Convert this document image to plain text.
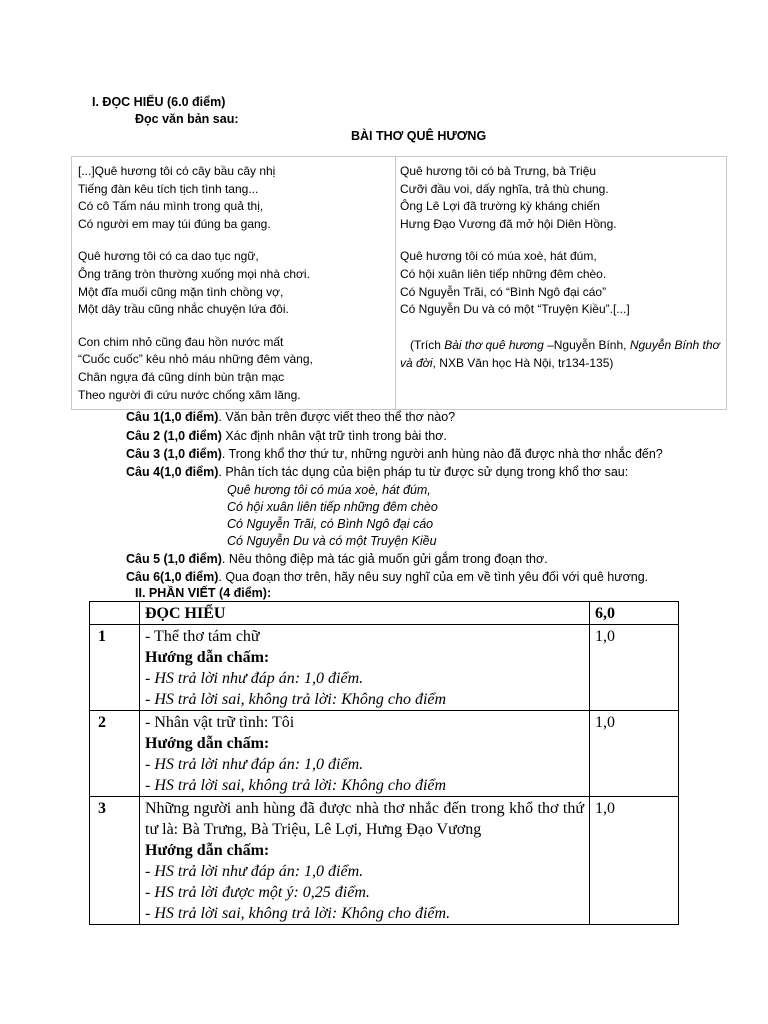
I. ĐỌC HIỂU (6.0 điểm)
Đọc văn bản sau:
BÀI THƠ QUÊ HƯƠNG
[...]Quê hương tôi có cây bầu cây nhị
Tiếng đàn kêu tích tịch tình tang...
Có cô Tấm náu mình trong quả thị,
Có người em may túi đúng ba gang.
Quê hương tôi có ca dao tục ngữ,
Ông trăng tròn thường xuống mọi nhà chơi.
Một đĩa muối cũng mặn tình chồng vợ,
Một dây trầu cũng nhắc chuyện lứa đôi.
Con chim nhỏ cũng đau hồn nước mất
“Cuốc cuốc” kêu nhỏ máu những đêm vàng,
Chân ngựa đá cũng dính bùn trận mạc
Theo người đi cứu nước chống xâm lăng.
Quê hương tôi có bà Trưng, bà Triệu
Cưỡi đầu voi, dấy nghĩa, trả thù chung.
Ông Lê Lợi đã trường kỳ kháng chiến
Hưng Đạo Vương đã mở hội Diên Hồng.
Quê hương tôi có múa xoè, hát đúm,
Có hội xuân liên tiếp những đêm chèo.
Có Nguyễn Trãi, có “Bình Ngô đại cáo”
Có Nguyễn Du và có một “Truyện Kiều”.[...]
(Trích Bài thơ quê hương –Nguyễn Bính, Nguyễn Bính thơ và đời, NXB Văn học Hà Nội, tr134-135)
Câu 1(1,0 điểm). Văn bản trên được viết theo thể thơ nào?
Câu 2 (1,0 điểm) Xác định nhân vật trữ tình trong bài thơ.
Câu 3 (1,0 điểm). Trong khổ thơ thứ tư, những người anh hùng nào đã được nhà thơ nhắc đến?
Câu 4(1,0 điểm). Phân tích tác dụng của biện pháp tu từ được sử dụng trong khổ thơ sau:
Quê hương tôi có múa xoè, hát đúm,
Có hội xuân liên tiếp những đêm chèo
Có Nguyễn Trãi, có Bình Ngô đại cáo
Có Nguyễn Du và có một Truyện Kiều
Câu 5 (1,0 điểm). Nêu thông điệp mà tác giả muốn gửi gắm trong đoạn thơ.
Câu 6(1,0 điểm). Qua đoạn thơ trên, hãy nêu suy nghĩ của em về tình yêu đối với quê hương.
II. PHẦN VIẾT (4 điểm):
	ĐỌC HIỂU	6,0
1	- Thể thơ tám chữ
Hướng dẫn chấm:
- HS trả lời như đáp án: 1,0 điểm.
- HS trả lời sai, không trả lời: Không cho điểm	1,0
2	- Nhân vật trữ tình: Tôi
Hướng dẫn chấm:
- HS trả lời như đáp án: 1,0 điểm.
- HS trả lời sai, không trả lời: Không cho điểm	1,0
3	Những người anh hùng đã được nhà thơ nhắc đến trong khổ thơ thứ tư là: Bà Trưng, Bà Triệu, Lê Lợi, Hưng Đạo Vương
Hướng dẫn chấm:
- HS trả lời như đáp án: 1,0 điểm.
- HS trả lời được một ý: 0,25 điểm.
- HS trả lời sai, không trả lời: Không cho điểm.	1,0
